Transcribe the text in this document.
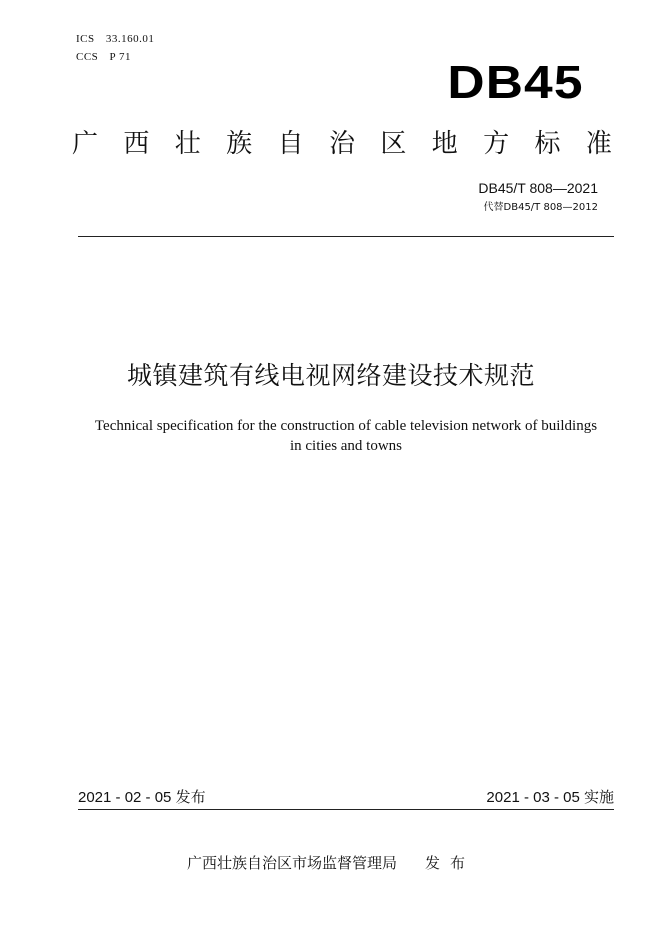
ICS 33.160.01
CCS P 71	DB45
广 西 壮 族 自 治 区 地 方 标 准
DB45/T 808—2021
代替DB45/T 808—2012
城镇建筑有线电视网络建设技术规范
Technical specification for the construction of cable television network of buildings
in cities and towns
2021 - 02 - 05 发布	2021 - 03 - 05 实施
广西壮族自治区市场监督管理局 发布
